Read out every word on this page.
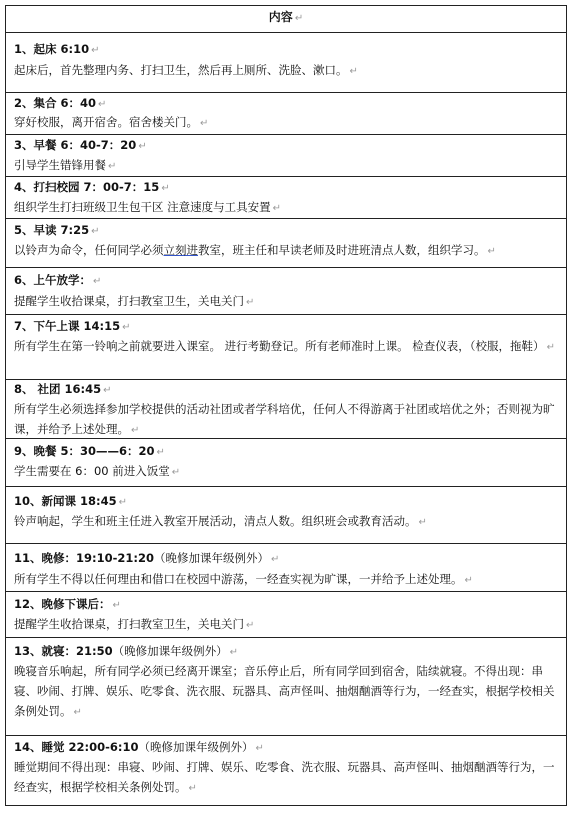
内容 ↵
1、起床 6:10 ↵
起床后，首先整理内务、打扫卫生，然后再上厕所、洗脸、漱口。 ↵
2、集合 6：40 ↵
穿好校服，离开宿舍。宿舍楼关门。 ↵
3、早餐 6：40-7：20 ↵
引导学生错锋用餐 ↵
4、打扫校园 7：00-7：15 ↵
组织学生打扫班级卫生包干区 注意速度与工具安置 ↵
5、早读 7:25 ↵
以铃声为命令，任何同学必须立刻进教室，班主任和早读老师及时进班清点人数，组织学习。 ↵
6、上午放学： ↵
提醒学生收拾课桌，打扫教室卫生，关电关门 ↵
7、下午上课 14:15 ↵
所有学生在第一铃响之前就要进入课室。 进行考勤登记。所有老师准时上课。 检查仪表，（校服，拖鞋） ↵
8、 社团 16:45 ↵
所有学生必须选择参加学校提供的活动社团或者学科培优，任何人不得游离于社团或培优之外；否则视为旷课，并给予上述处理。 ↵
9、晚餐 5：30——6：20 ↵
学生需要在 6：00 前进入饭堂 ↵
10、新闻课 18:45 ↵
铃声响起，学生和班主任进入教室开展活动，清点人数。组织班会或教育活动。 ↵
11、晚修：19:10-21:20（晚修加课年级例外） ↵
所有学生不得以任何理由和借口在校园中游荡，一经查实视为旷课，一并给予上述处理。 ↵
12、晚修下课后： ↵
提醒学生收拾课桌，打扫教室卫生，关电关门 ↵
13、就寝：21:50（晚修加课年级例外） ↵
晚寝音乐响起，所有同学必须已经离开课室；音乐停止后，所有同学回到宿舍，陆续就寝。不得出现：串寝、吵闹、打牌、娱乐、吃零食、洗衣服、玩器具、高声怪叫、抽烟酗酒等行为，一经查实，根据学校相关条例处罚。 ↵
14、睡觉 22:00-6:10（晚修加课年级例外） ↵
睡觉期间不得出现：串寝、吵闹、打牌、娱乐、吃零食、洗衣服、玩器具、高声怪叫、抽烟酗酒等行为，一经查实，根据学校相关条例处罚。 ↵
